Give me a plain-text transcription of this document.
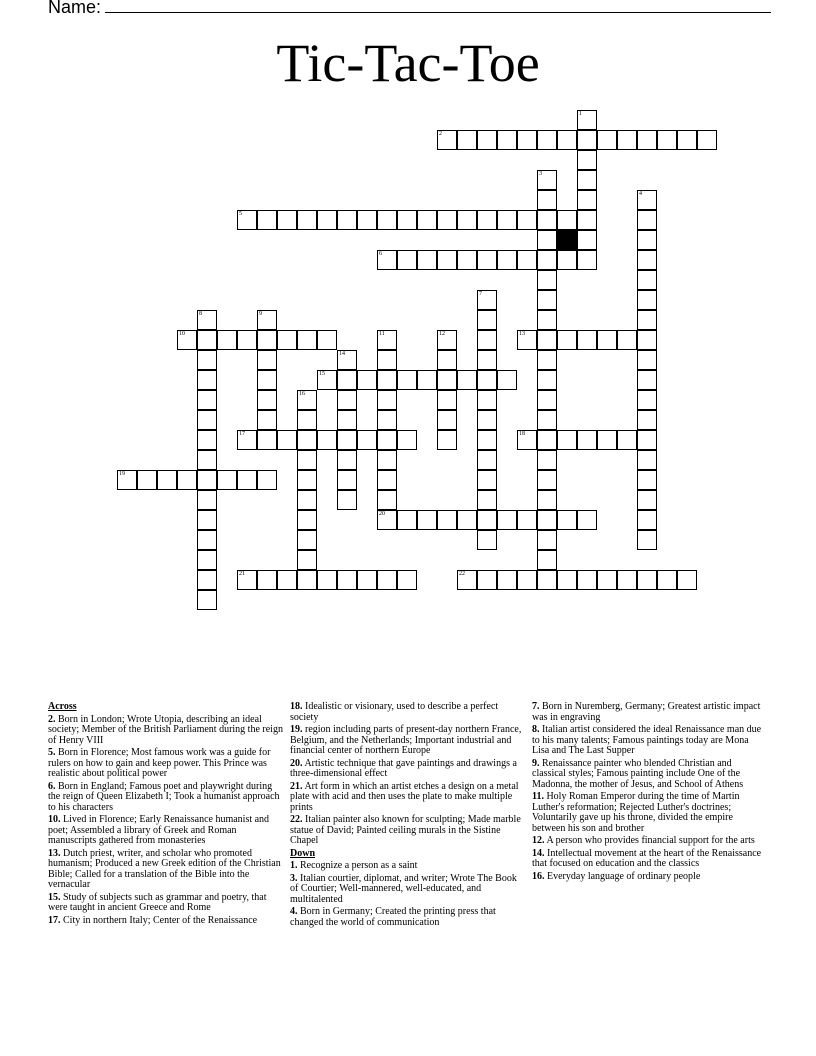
Name:
Tic-Tac-Toe
1
2
3
4
5
6
7
8	9
10	11
20
12	13
14
15
16
17	18
19
21	22
Across
2. Born in London; Wrote Utopia, describing an ideal society; Member of the British Parliament during the reign of Henry VIII
5. Born in Florence; Most famous work was a guide for rulers on how to gain and keep power. This Prince was realistic about political power
6. Born in England; Famous poet and playwright during the reign of Queen Elizabeth I; Took a humanist approach to his characters
10. Lived in Florence; Early Renaissance humanist and poet; Assembled a library of Greek and Roman manuscripts gathered from monasteries
13. Dutch priest, writer, and scholar who promoted humanism; Produced a new Greek edition of the Christian Bible; Called for a translation of the Bible into the vernacular
15. Study of subjects such as grammar and poetry, that were taught in ancient Greece and Rome
17. City in northern Italy; Center of the Renaissance
18. Idealistic or visionary, used to describe a perfect society
19. region including parts of present-day northern France, Belgium, and the Netherlands; Important industrial and financial center of northern Europe
20. Artistic technique that gave paintings and drawings a three-dimensional effect
21. Art form in which an artist etches a design on a metal plate with acid and then uses the plate to make multiple prints
22. Italian painter also known for sculpting; Made marble statue of David; Painted ceiling murals in the Sistine Chapel
Down
1. Recognize a person as a saint
3. Italian courtier, diplomat, and writer; Wrote The Book of Courtier; Well-mannered, well-educated, and multitalented
4. Born in Germany; Created the printing press that changed the world of communication
7. Born in Nuremberg, Germany; Greatest artistic impact was in engraving
8. Italian artist considered the ideal Renaissance man due to his many talents; Famous paintings today are Mona Lisa and The Last Supper
9. Renaissance painter who blended Christian and classical styles; Famous painting include One of the Madonna, the mother of Jesus, and School of Athens
11. Holy Roman Emperor during the time of Martin Luther's reformation; Rejected Luther's doctrines; Voluntarily gave up his throne, divided the empire between his son and brother
12. A person who provides financial support for the arts
14. Intellectual movement at the heart of the Renaissance that focused on education and the classics
16. Everyday language of ordinary people
